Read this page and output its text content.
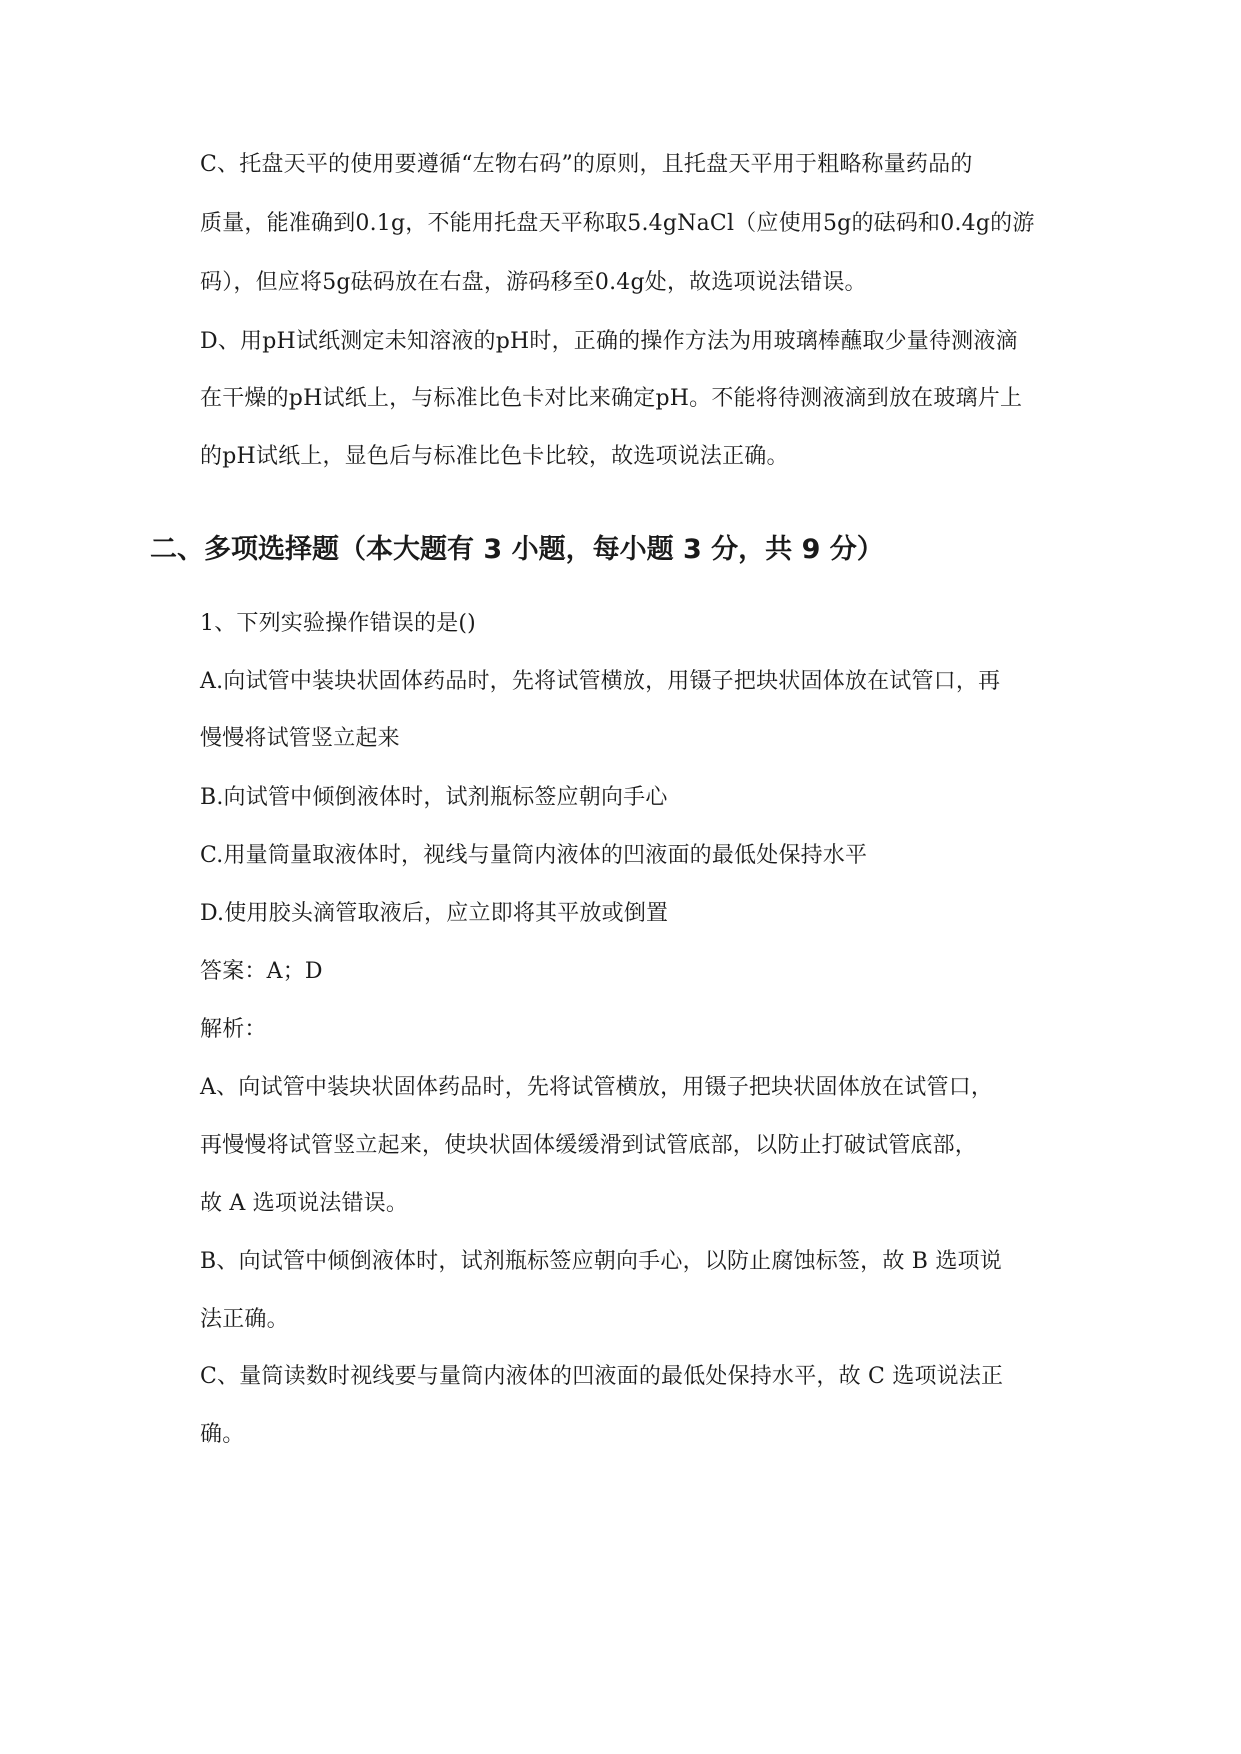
C、托盘天平的使用要遵循“左物右码”的原则，且托盘天平用于粗略称量药品的
质量，能准确到0.1g，不能用托盘天平称取5.4gNaCl（应使用5g的砝码和0.4g的游
码），但应将5g砝码放在右盘，游码移至0.4g处，故选项说法错误。
D、用pH试纸测定未知溶液的pH时，正确的操作方法为用玻璃棒蘸取少量待测液滴
在干燥的pH试纸上，与标准比色卡对比来确定pH。不能将待测液滴到放在玻璃片上
的pH试纸上，显色后与标准比色卡比较，故选项说法正确。
二、多项选择题（本大题有 3 小题，每小题 3 分，共 9 分）
1、下列实验操作错误的是()
A.向试管中装块状固体药品时，先将试管横放，用镊子把块状固体放在试管口，再
慢慢将试管竖立起来
B.向试管中倾倒液体时，试剂瓶标签应朝向手心
C.用量筒量取液体时，视线与量筒内液体的凹液面的最低处保持水平
D.使用胶头滴管取液后，应立即将其平放或倒置
答案：A；D
解析：
A、向试管中装块状固体药品时，先将试管横放，用镊子把块状固体放在试管口，
再慢慢将试管竖立起来，使块状固体缓缓滑到试管底部，以防止打破试管底部，
故 A 选项说法错误。
B、向试管中倾倒液体时，试剂瓶标签应朝向手心，以防止腐蚀标签，故 B 选项说
法正确。
C、量筒读数时视线要与量筒内液体的凹液面的最低处保持水平，故 C 选项说法正
确。
